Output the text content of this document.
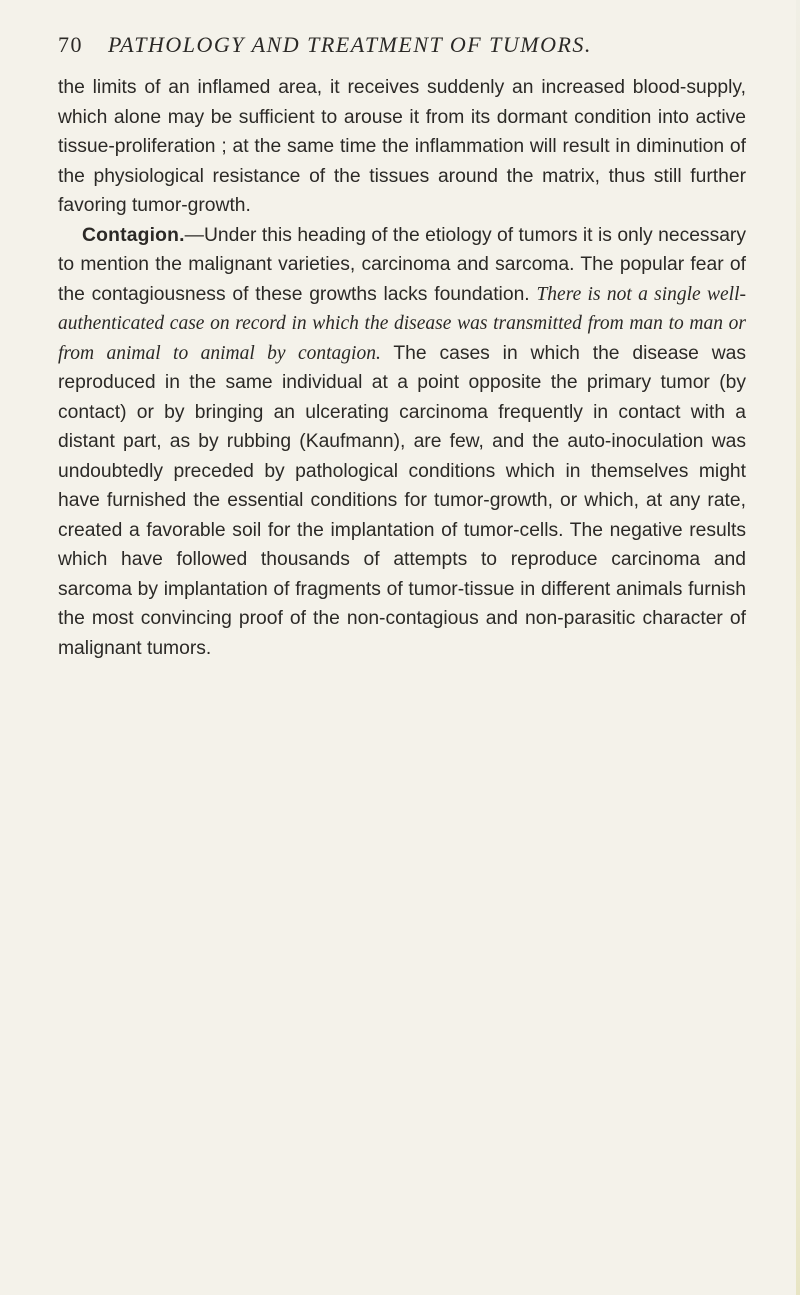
70	PATHOLOGY AND TREATMENT OF TUMORS.

the limits of an inflamed area, it receives suddenly an increased blood-supply, which alone may be sufficient to arouse it from its dormant condition into active tissue-proliferation ; at the same time the inflammation will result in diminution of the physiological resistance of the tissues around the matrix, thus still further favoring tumor-growth.

Contagion.—Under this heading of the etiology of tumors it is only necessary to mention the malignant varieties, carcinoma and sarcoma. The popular fear of the contagiousness of these growths lacks foundation. There is not a single well-authenticated case on record in which the disease was transmitted from man to man or from animal to animal by contagion. The cases in which the disease was reproduced in the same individual at a point opposite the primary tumor (by contact) or by bringing an ulcerating carcinoma frequently in contact with a distant part, as by rubbing (Kaufmann), are few, and the auto-inoculation was undoubtedly preceded by pathological conditions which in themselves might have furnished the essential conditions for tumor-growth, or which, at any rate, created a favorable soil for the implantation of tumor-cells. The negative results which have followed thousands of attempts to reproduce carcinoma and sarcoma by implantation of fragments of tumor-tissue in different animals furnish the most convincing proof of the non-contagious and non-parasitic character of malignant tumors.
